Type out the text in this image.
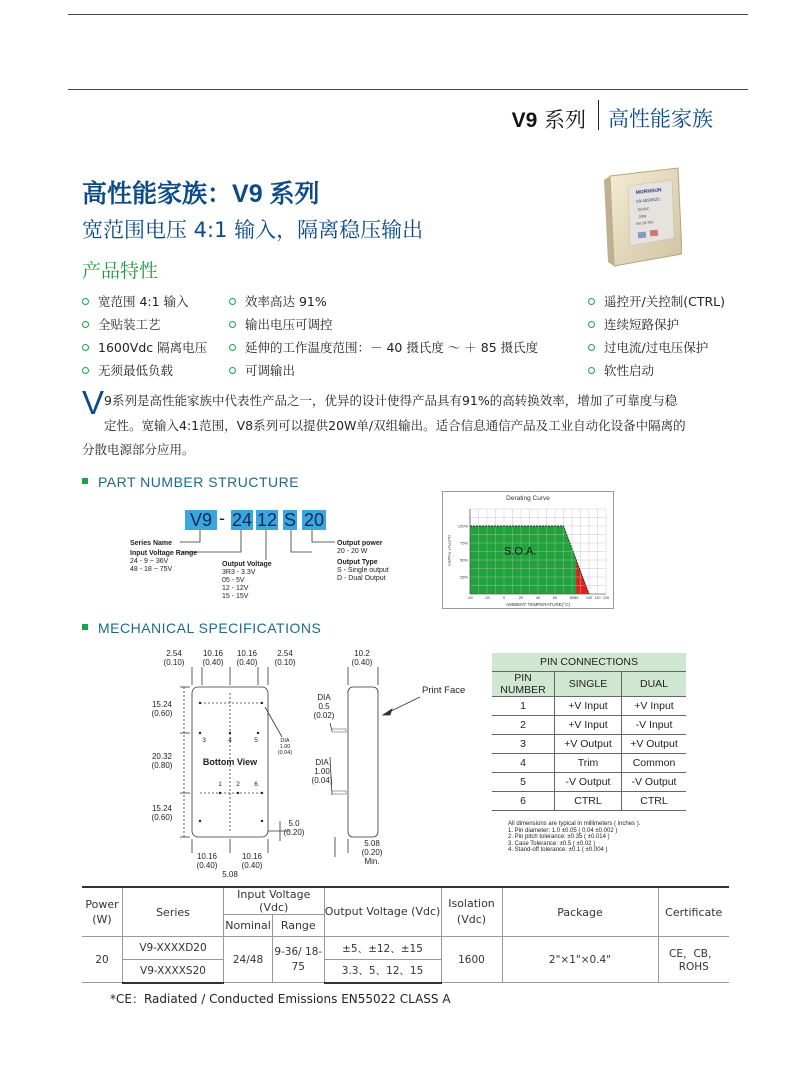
V9 系列 高性能家族
高性能家族：V9 系列
宽范围电压 4:1 输入，隔离稳压输出
产品特性
MORNSUN
V9-4824S20
DC/DC
20W
Vin:18-75V
宽范围 4:1 输入
全贴装工艺
1600Vdc 隔离电压
无须最低负载
效率高达 91%
输出电压可调控
延伸的工作温度范围：－ 40 摄氏度 ～ ＋ 85 摄氏度
可调输出
遥控开/关控制(CTRL)
连续短路保护
过电流/过电压保护
软性启动
V 9系列是高性能家族中代表性产品之一，优异的设计使得产品具有91%的高转换效率，增加了可靠度与稳
定性。宽输入4:1范围，V8系列可以提供20W单/双组输出。适合信息通信产品及工业自动化设备中隔离的
分散电源部分应用。
PART NUMBER STRUCTURE
V9 - 24 12 S 20
Series Name
Input Voltage Range
24 - 9 ~ 36V
48 - 18 ~ 75V
Output Voltage
3R3 - 3.3V
05 - 5V
12 - 12V
15 - 15V
Output power
20 - 20 W
Output Type
S - Single output
D - Dual Output
Derating Curve
OUTPUT POWER
100%
75%
50%
25%
-40	-20	0	20	40	60	80 85 100 110 120
S.O.A.
AMBIENT TEMPERATURE(°C)
MECHANICAL SPECIFICATIONS
2.54
(0.10)
10.16
(0.40)
10.16
(0.40)
2.54
(0.10)
10.2
(0.40)
15.24
(0.60)
20.32
(0.80)
15.24
(0.60)
10.16
(0.40)
10.16
(0.40)
5.08
5.08
(0.20)
Min.
5.0
(0.20)
DIA
0.5
(0.02)
DIA
1.00
(0.04)
DIA
1.00
(0.04)
3	4	5
1 2 6
Bottom View
Print Face
PIN CONNECTIONS		
PIN NUMBER	SINGLE	DUAL
1	+V Input	+V Input
2	+V Input	-V Input
3	+V Output	+V Output
4	Trim	Common
5	-V Output	-V Output
6	CTRL	CTRL
All dimensions are typical in millimeters ( inches ).
1. Pin diameter: 1.0 ±0.05 ( 0.04 ±0.002 )
2. Pin pitch tolerance: ±0.35 ( ±0.014 )
3. Case Tolerance: ±0.5 ( ±0.02 )
4. Stand-off tolerance: ±0.1 ( ±0.004 )
Power (W)	Series	Input Voltage (Vdc)		Output Voltage (Vdc)	Isolation (Vdc)	Package	Certificate
		Nominal	Range				
20	V9-XXXXD20	24/48	9-36/ 18-75	±5、±12、±15	1600	2"×1"×0.4"	CE，CB，ROHS
	V9-XXXXS20			3.3、5、12、15			
*CE：Radiated / Conducted Emissions EN55022 CLASS A
